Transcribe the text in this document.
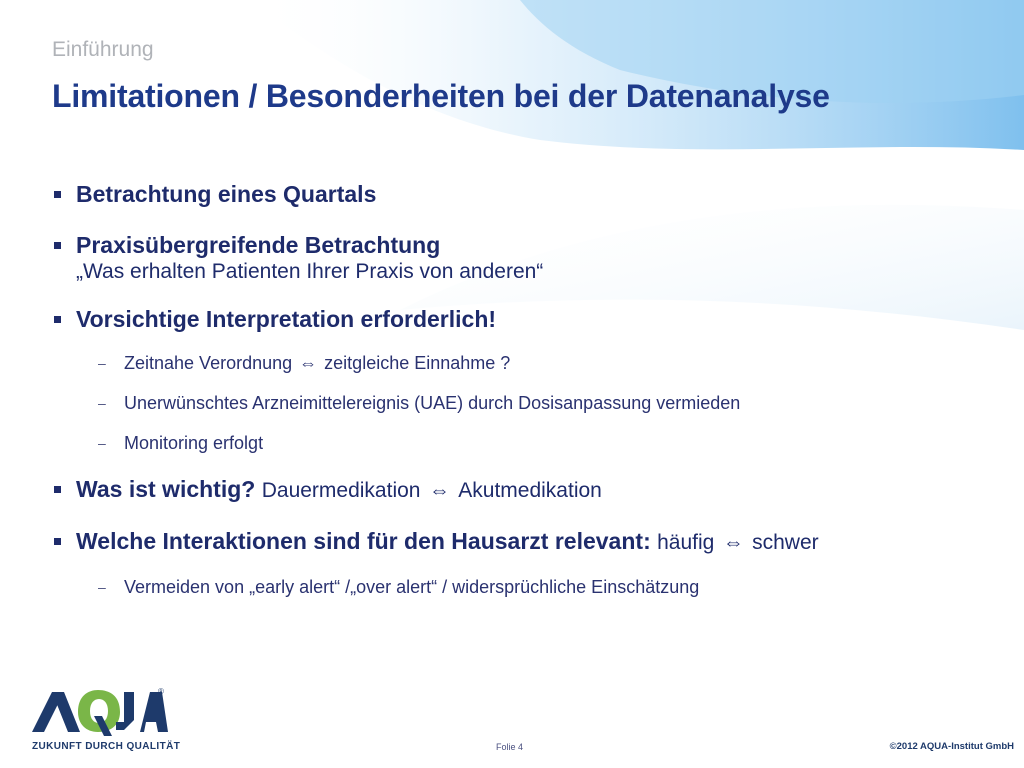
Einführung
Limitationen / Besonderheiten bei der Datenanalyse
Betrachtung eines Quartals
Praxisübergreifende Betrachtung
„Was erhalten Patienten Ihrer Praxis von anderen“
Vorsichtige Interpretation erforderlich!
– Zeitnahe Verordnung ⇔ zeitgleiche Einnahme ?
– Unerwünschtes Arzneimittelereignis (UAE) durch Dosisanpassung vermieden
– Monitoring erfolgt
Was ist wichtig? Dauermedikation ⇔ Akutmedikation
Welche Interaktionen sind für den Hausarzt relevant: häufig ⇔ schwer
– Vermeiden von „early alert“ /„over alert“ / widersprüchliche Einschätzung
®
ZUKUNFT DURCH QUALITÄT	Folie 4	©2012 AQUA-Institut GmbH
